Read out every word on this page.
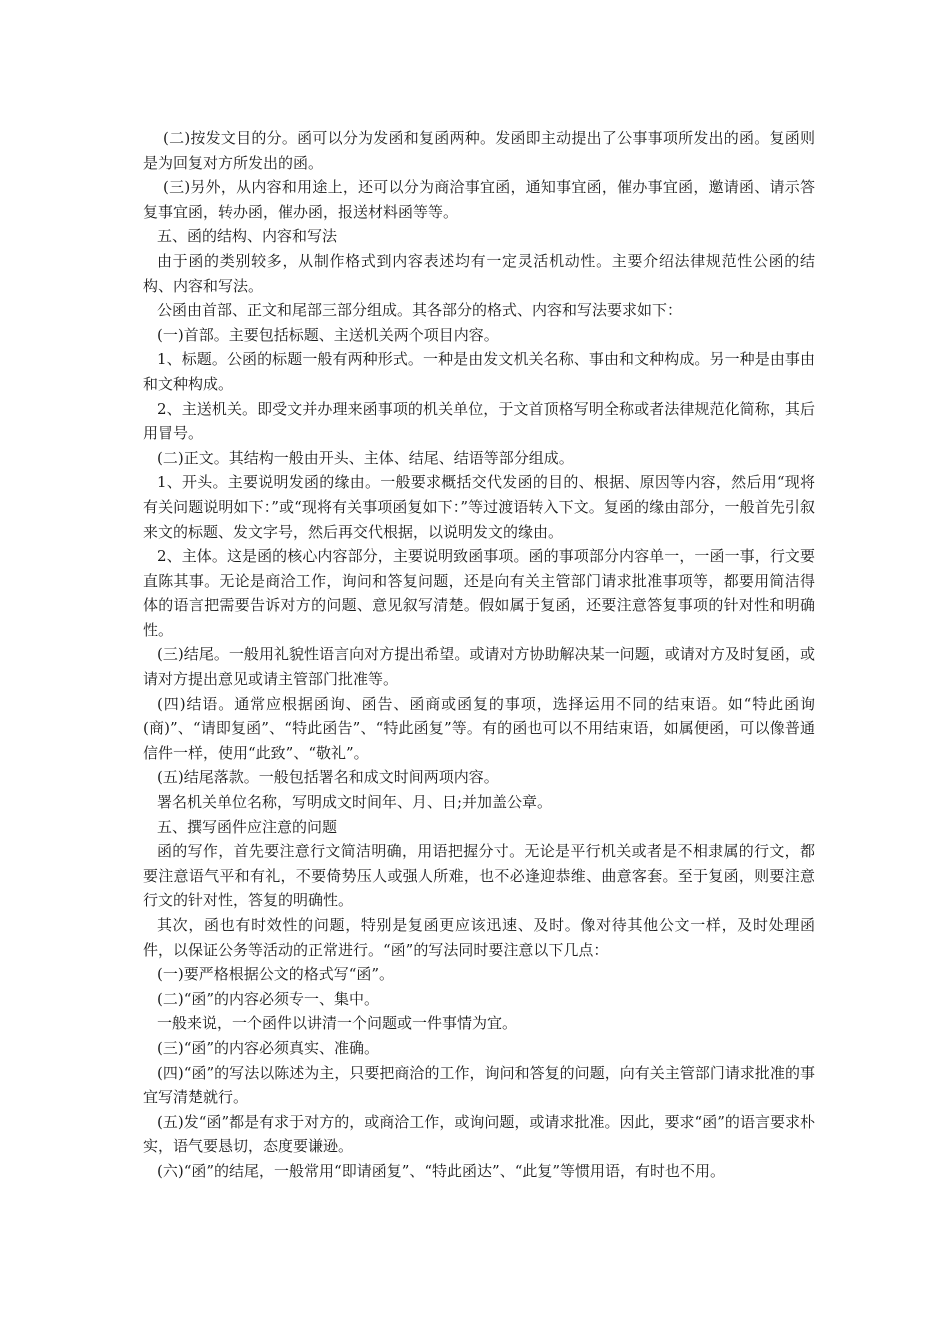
(二)按发文目的分。函可以分为发函和复函两种。发函即主动提出了公事事项所发出的函。复函则是为回复对方所发出的函。

(三)另外，从内容和用途上，还可以分为商洽事宜函，通知事宜函，催办事宜函，邀请函、请示答复事宜函，转办函，催办函，报送材料函等等。

五、函的结构、内容和写法

由于函的类别较多，从制作格式到内容表述均有一定灵活机动性。主要介绍法律规范性公函的结构、内容和写法。

公函由首部、正文和尾部三部分组成。其各部分的格式、内容和写法要求如下：

(一)首部。主要包括标题、主送机关两个项目内容。

1、标题。公函的标题一般有两种形式。一种是由发文机关名称、事由和文种构成。另一种是由事由和文种构成。

2、主送机关。即受文并办理来函事项的机关单位，于文首顶格写明全称或者法律规范化简称，其后用冒号。

(二)正文。其结构一般由开头、主体、结尾、结语等部分组成。

1、开头。主要说明发函的缘由。一般要求概括交代发函的目的、根据、原因等内容，然后用“现将有关问题说明如下：”或“现将有关事项函复如下：”等过渡语转入下文。复函的缘由部分，一般首先引叙来文的标题、发文字号，然后再交代根据，以说明发文的缘由。

2、主体。这是函的核心内容部分，主要说明致函事项。函的事项部分内容单一，一函一事，行文要直陈其事。无论是商洽工作，询问和答复问题，还是向有关主管部门请求批准事项等，都要用简洁得体的语言把需要告诉对方的问题、意见叙写清楚。假如属于复函，还要注意答复事项的针对性和明确性。

(三)结尾。一般用礼貌性语言向对方提出希望。或请对方协助解决某一问题，或请对方及时复函，或请对方提出意见或请主管部门批准等。

(四)结语。通常应根据函询、函告、函商或函复的事项，选择运用不同的结束语。如“特此函询(商)”、“请即复函”、“特此函告”、“特此函复”等。有的函也可以不用结束语，如属便函，可以像普通信件一样，使用“此致”、“敬礼”。

(五)结尾落款。一般包括署名和成文时间两项内容。

署名机关单位名称，写明成文时间年、月、日;并加盖公章。

五、撰写函件应注意的问题

函的写作，首先要注意行文简洁明确，用语把握分寸。无论是平行机关或者是不相隶属的行文，都要注意语气平和有礼，不要倚势压人或强人所难，也不必逢迎恭维、曲意客套。至于复函，则要注意行文的针对性，答复的明确性。

其次，函也有时效性的问题，特别是复函更应该迅速、及时。像对待其他公文一样，及时处理函件，以保证公务等活动的正常进行。“函”的写法同时要注意以下几点：

(一)要严格根据公文的格式写“函”。

(二)“函”的内容必须专一、集中。

一般来说，一个函件以讲清一个问题或一件事情为宜。

(三)“函”的内容必须真实、准确。

(四)“函”的写法以陈述为主，只要把商洽的工作，询问和答复的问题，向有关主管部门请求批准的事宜写清楚就行。

(五)发“函”都是有求于对方的，或商洽工作，或询问题，或请求批准。因此，要求“函”的语言要求朴实，语气要恳切，态度要谦逊。

(六)“函”的结尾，一般常用“即请函复”、“特此函达”、“此复”等惯用语，有时也不用。
